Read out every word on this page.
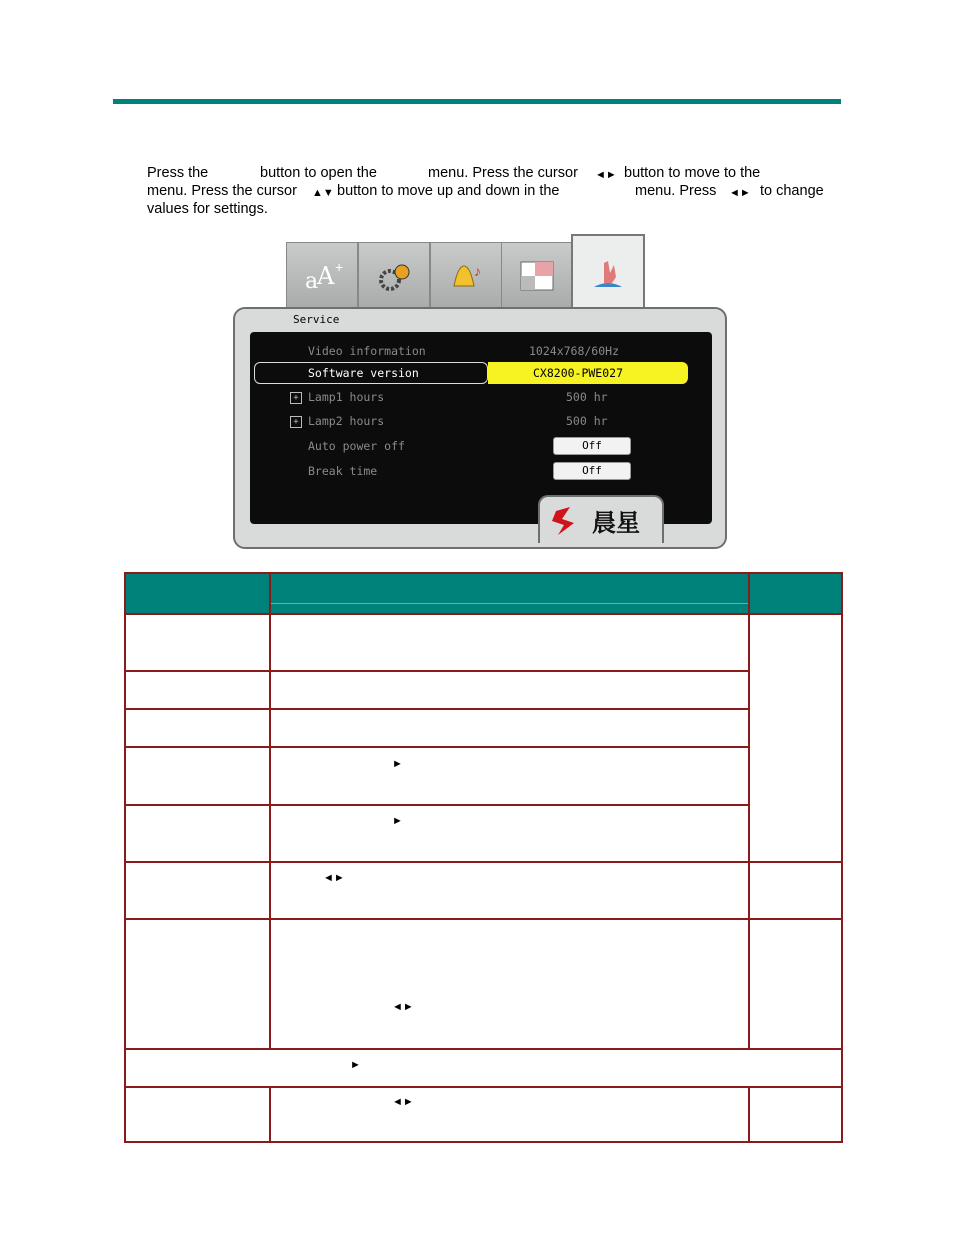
Press the	button to open the	menu. Press the cursor ◄► button to move to the
menu. Press the cursor ▲▼ button to move up and down in the	menu. Press ◄► to change
values for settings.
a
A +	♪
Service
Video information	1024x768/60Hz
Software version	CX8200-PWE027
+ Lamp1 hours	500 hr
+ Lamp2 hours	500 hr
Auto power off	Off
Break time	Off
晨星
►
►
◄►
◄►
►
◄►
